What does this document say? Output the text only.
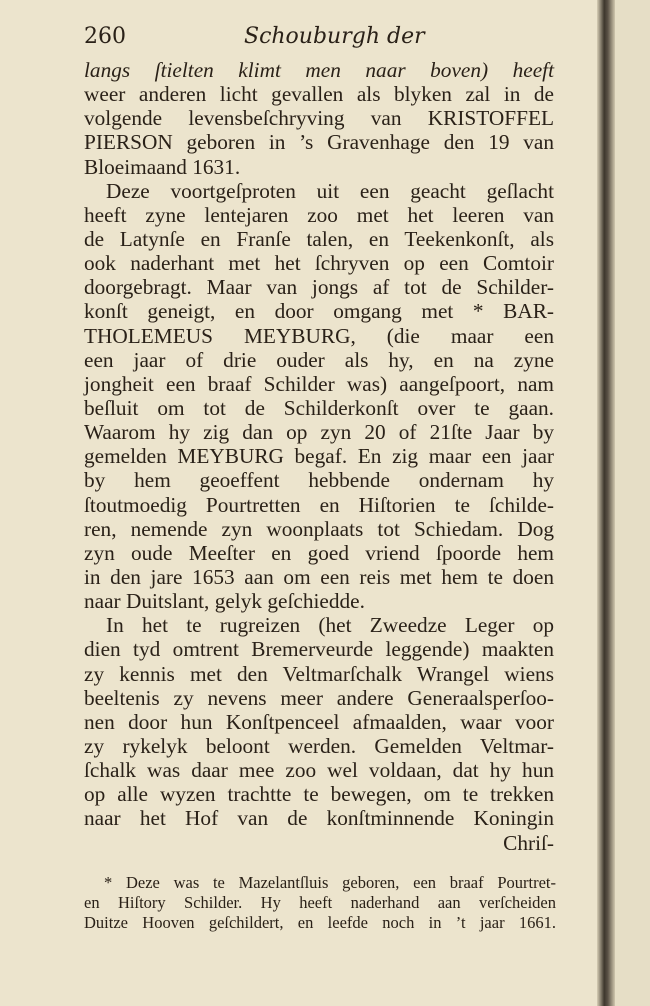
260	Schouburgh der
langs ſtielten klimt men naar boven) heeft
weer anderen licht gevallen als blyken zal in de
volgende levensbeſchryving van KRISTOFFEL
PIERSON geboren in ’s Gravenhage den 19 van
Bloeimaand 1631.
Deze voortgeſproten uit een geacht geſlacht
heeft zyne lentejaren zoo met het leeren van
de Latynſe en Franſe talen, en Teekenkonſt, als
ook naderhant met het ſchryven op een Comtoir
doorgebragt. Maar van jongs af tot de Schilder-
konſt geneigt, en door omgang met * BAR-
THOLEMEUS MEYBURG, (die maar een
een jaar of drie ouder als hy, en na zyne
jongheit een braaf Schilder was) aangeſpoort, nam
beſluit om tot de Schilderkonſt over te gaan.
Waarom hy zig dan op zyn 20 of 21ſte Jaar by
gemelden MEYBURG begaf. En zig maar een jaar
by hem geoeffent hebbende ondernam hy
ſtoutmoedig Pourtretten en Hiſtorien te ſchilde-
ren, nemende zyn woonplaats tot Schiedam. Dog
zyn oude Meeſter en goed vriend ſpoorde hem
in den jare 1653 aan om een reis met hem te doen
naar Duitslant, gelyk geſchiedde.
In het te rugreizen (het Zweedze Leger op
dien tyd omtrent Bremerveurde leggende) maakten
zy kennis met den Veltmarſchalk Wrangel wiens
beeltenis zy nevens meer andere Generaalsperſoo-
nen door hun Konſtpenceel afmaalden, waar voor
zy rykelyk beloont werden. Gemelden Veltmar-
ſchalk was daar mee zoo wel voldaan, dat hy hun
op alle wyzen trachtte te bewegen, om te trekken
naar het Hof van de konſtminnende Koningin
Chriſ-
* Deze was te Mazelantſluis geboren, een braaf Pourtret-
en Hiſtory Schilder. Hy heeft naderhand aan verſcheiden
Duitze Hooven geſchildert, en leefde noch in ’t jaar 1661.
